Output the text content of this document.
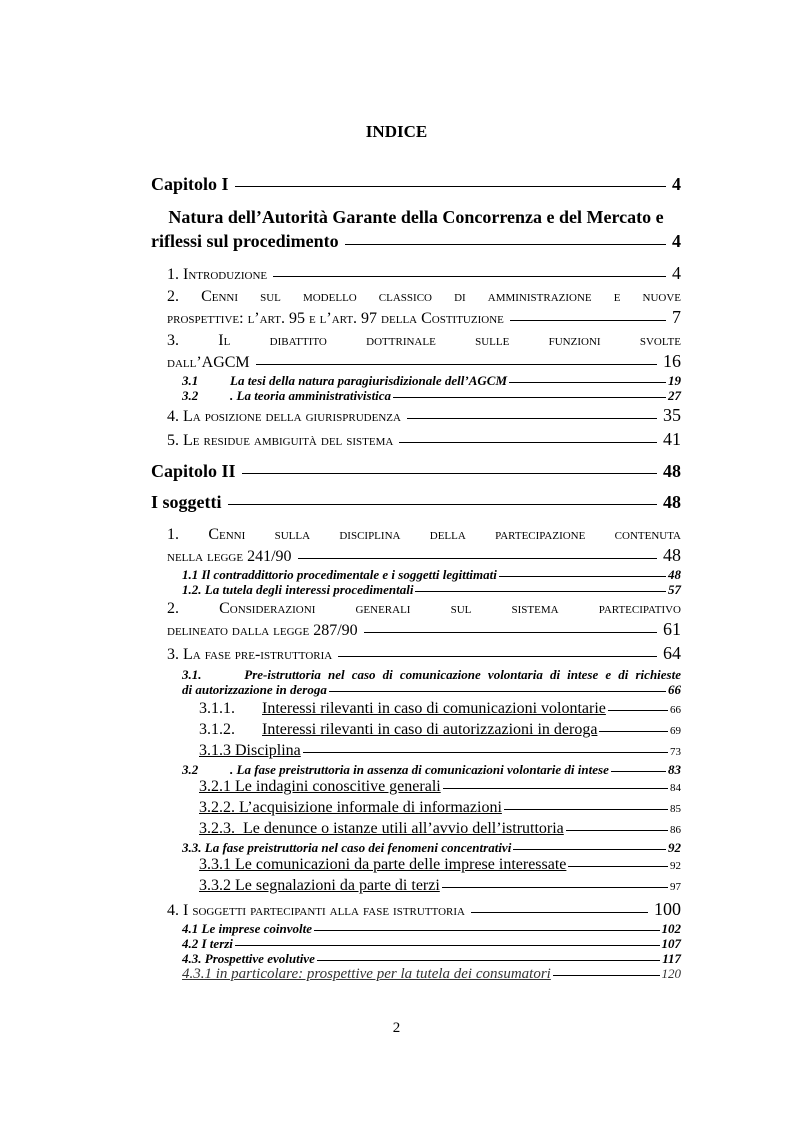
INDICE
Capitolo I	4
Natura dell’Autorità Garante della Concorrenza e del Mercato e
riflessi sul procedimento	4
1. Introduzione	4
2. Cenni sul modello classico di amministrazione e nuove
prospettive: l’art. 95 e l’art. 97 della Costituzione	7
3. Il dibattito dottrinale sulle funzioni svolte
dall’AGCM	16
3.1 La tesi della natura paragiurisdizionale dell’AGCM	19
3.2 . La teoria amministrativistica	27
4. La posizione della giurisprudenza	35
5. Le residue ambiguità del sistema	41
Capitolo II	48
I soggetti	48
1. Cenni sulla disciplina della partecipazione contenuta
nella legge 241/90	48
1.1 Il contraddittorio procedimentale e i soggetti legittimati	48
1.2. La tutela degli interessi procedimentali	57
2. Considerazioni generali sul sistema partecipativo
delineato dalla legge 287/90	61
3. La fase pre-istruttoria	64
3.1.      Pre-istruttoria nel caso di comunicazione volontaria di intese e di richieste
di autorizzazione in deroga	66
3.1.1.	Interessi rilevanti in caso di comunicazioni volontarie	66
3.1.2.	Interessi rilevanti in caso di autorizzazioni in deroga	69
3.1.3 Disciplina	73
3.2 . La fase preistruttoria in assenza di comunicazioni volontarie di intese	83
3.2.1 Le indagini conoscitive generali	84
3.2.2. L’acquisizione informale di informazioni	85
3.2.3.  Le denunce o istanze utili all’avvio dell’istruttoria	86
3.3. La fase preistruttoria nel caso dei fenomeni concentrativi	92
3.3.1 Le comunicazioni da parte delle imprese interessate	92
3.3.2 Le segnalazioni da parte di terzi	97
4. I soggetti partecipanti alla fase istruttoria	100
4.1 Le imprese coinvolte	102
4.2 I terzi	107
4.3. Prospettive evolutive	117
4.3.1 in particolare: prospettive per la tutela dei consumatori	120
2
